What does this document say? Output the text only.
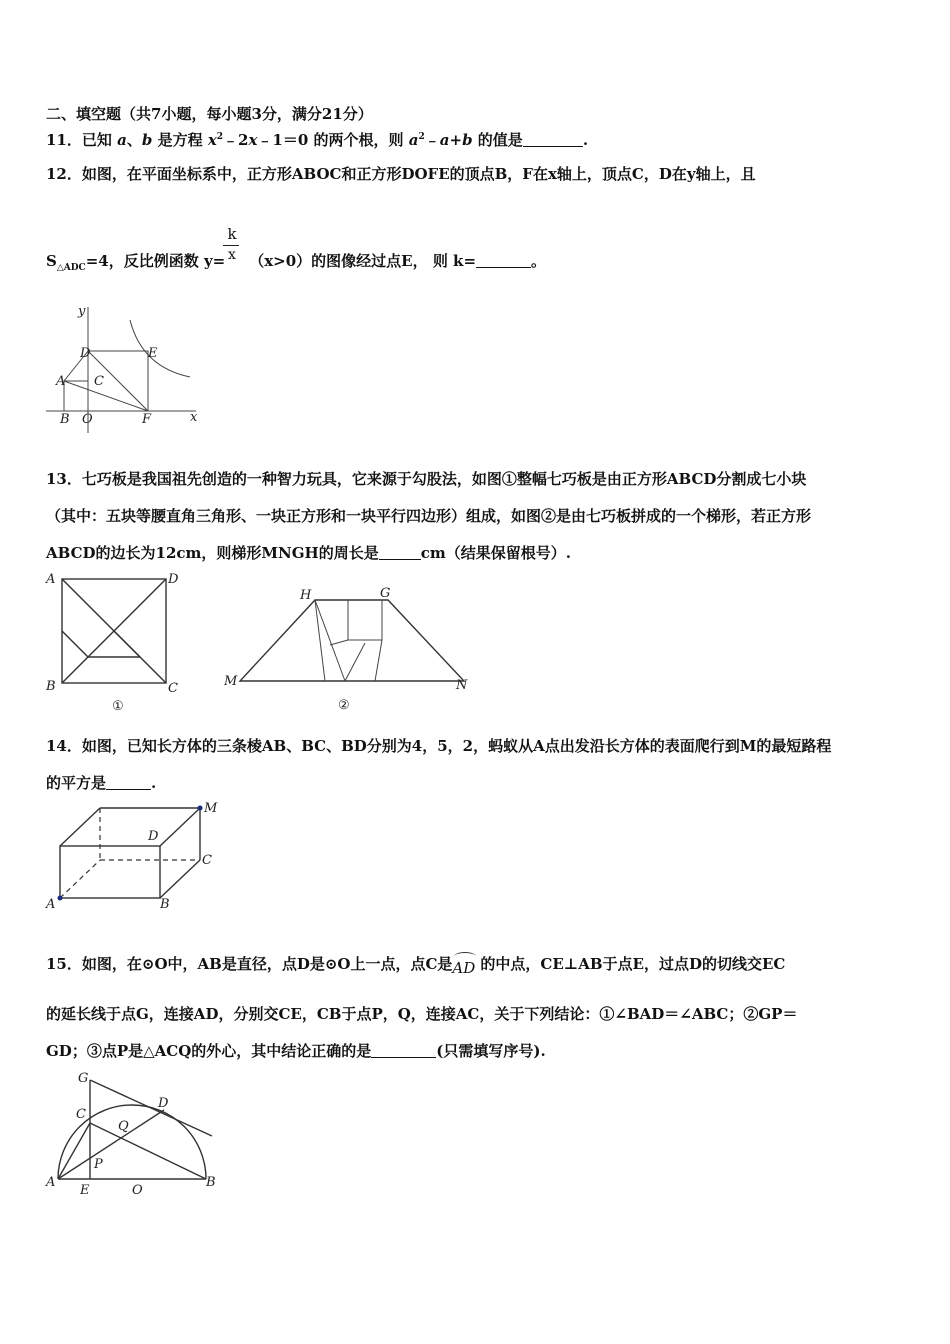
二、填空题（共7小题，每小题3分，满分21分）
11．已知 a、b 是方程 $x^2﹣2x﹣1=0$ 的两个根，则 $a^2﹣a+b$ 的值是	.
12．如图，在平面坐标系中，正方形ABOC和正方形DOFE的顶点B，F在x轴上，顶点C，D在y轴上，且
k
x
$S_{\triangle ADC}=4$，反比例函数 y= （x>0）的图像经过点E， 则 k=	。
y
D	E
A C
B O	F	x
13．七巧板是我国祖先创造的一种智力玩具，它来源于勾股法，如图①整幅七巧板是由正方形ABCD分割成七小块
（其中：五块等腰直角三角形、一块正方形和一块平行四边形）组成，如图②是由七巧板拼成的一个梯形，若正方形
ABCD的边长为12cm，则梯形MNGH的周长是	cm（结果保留根号）.
A	D
B	C
①
H	G
M	N
②
14．如图，已知长方体的三条棱AB、BC、BD分别为4，5，2，蚂蚁从A点出发沿长方体的表面爬行到M的最短路程
的平方是	.
M
D
C
A	B
15．如图，在⊙O中，AB是直径，点D是⊙O上一点，点C是 AD 的中点，CE⊥AB于点E，过点D的切线交EC
的延长线于点G，连接AD，分别交CE，CB于点P，Q，连接AC，关于下列结论：①∠BAD＝∠ABC；②GP＝
GD；③点P是△ACQ的外心，其中结论正确的是	(只需填写序号).
G
C
D
Q
P
A
E	O
B
